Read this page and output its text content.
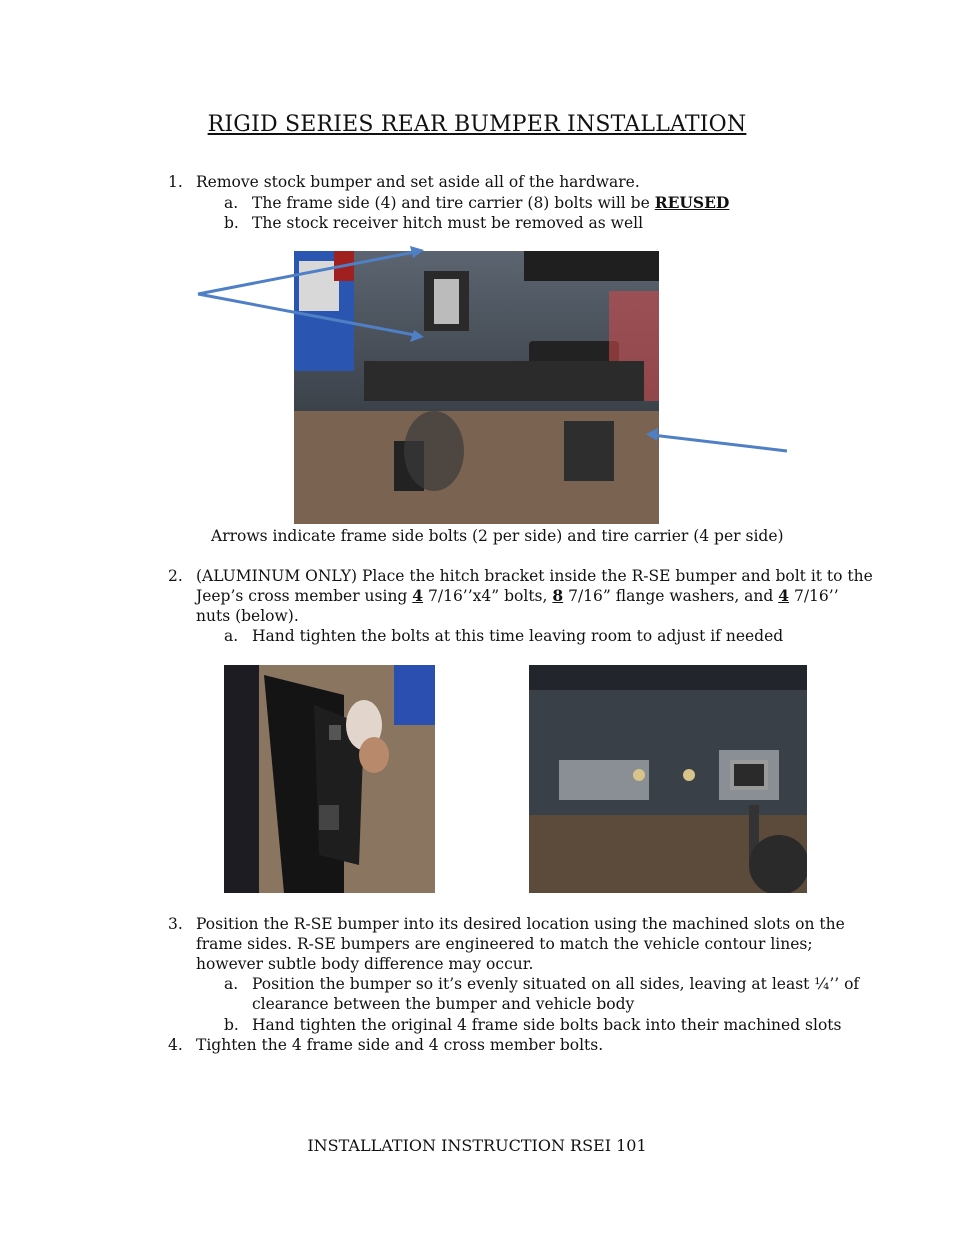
RIGID SERIES REAR BUMPER INSTALLATION
1. Remove stock bumper and set aside all of the hardware.
a. The frame side (4) and tire carrier (8) bolts will be REUSED
b. The stock receiver hitch must be removed as well
Arrows indicate frame side bolts (2 per side) and tire carrier (4 per side)
2. (ALUMINUM ONLY) Place the hitch bracket inside the R-SE bumper and bolt it to the
Jeep’s cross member using 4 7/16’’x4” bolts, 8 7/16” flange washers, and 4 7/16’’
nuts (below).
a. Hand tighten the bolts at this time leaving room to adjust if needed
3. Position the R-SE bumper into its desired location using the machined slots on the
frame sides. R-SE bumpers are engineered to match the vehicle contour lines;
however subtle body difference may occur.
a. Position the bumper so it’s evenly situated on all sides, leaving at least ¼’’ of
clearance between the bumper and vehicle body
b. Hand tighten the original 4 frame side bolts back into their machined slots
4. Tighten the 4 frame side and 4 cross member bolts.
INSTALLATION INSTRUCTION RSEI 101
